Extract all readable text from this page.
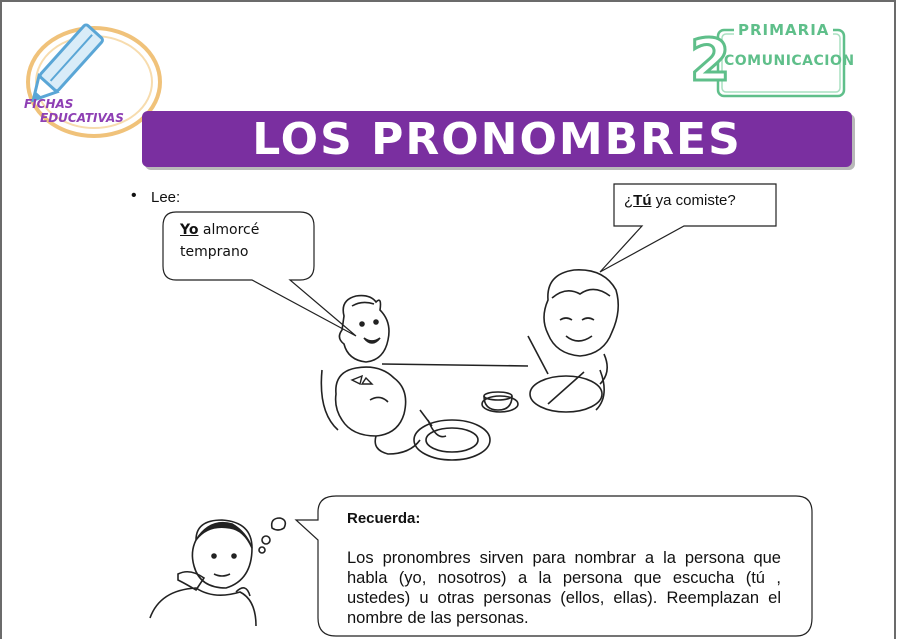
FICHAS
EDUCATIVAS
PRIMARIA
2
COMUNICACION
LOS PRONOMBRES
• Lee:
Yo almorcé
temprano
¿Tú ya comiste?
Recuerda:
Los pronombres sirven para nombrar a la persona que habla (yo, nosotros) a la persona que escucha (tú , ustedes) u otras personas (ellos, ellas). Reemplazan el nombre de las personas.
